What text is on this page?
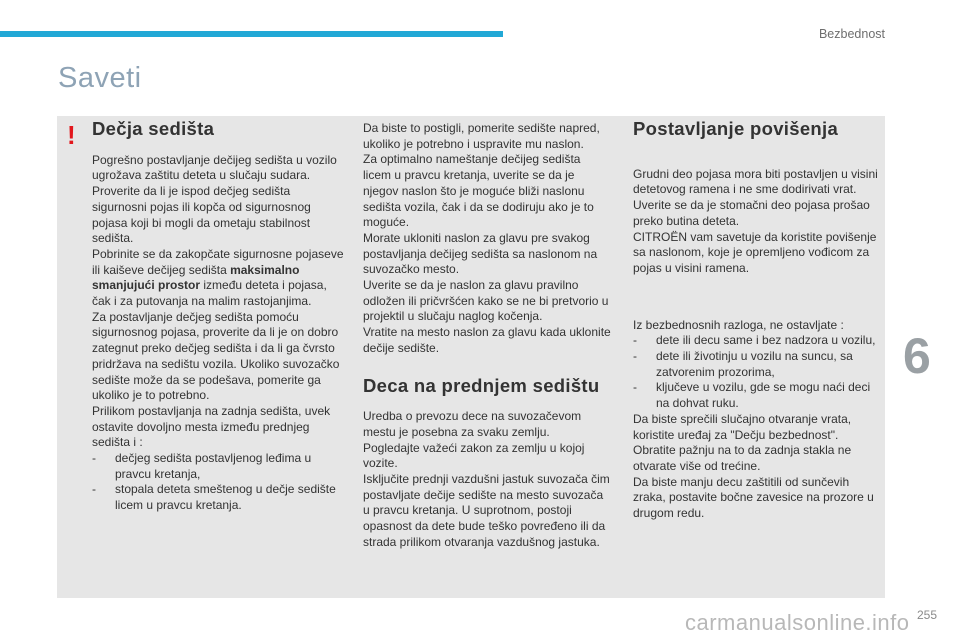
Bezbednost
Saveti
! Dečja sedišta

Pogrešno postavljanje dečijeg sedišta u vozilo ugrožava zaštitu deteta u slučaju sudara.

Proverite da li je ispod dečjeg sedišta sigurnosni pojas ili kopča od sigurnosnog pojasa koji bi mogli da ometaju stabilnost sedišta.

Pobrinite se da zakopčate sigurnosne pojaseve ili kaiševe dečijeg sedišta maksimalno smanjujući prostor između deteta i pojasa, čak i za putovanja na malim rastojanjima.

Za postavljanje dečjeg sedišta pomoću sigurnosnog pojasa, proverite da li je on dobro zategnut preko dečjeg sedišta i da li ga čvrsto pridržava na sedištu vozila. Ukoliko suvozačko sedište može da se podešava, pomerite ga ukoliko je to potrebno.

Prilikom postavljanja na zadnja sedišta, uvek ostavite dovoljno mesta između prednjeg sedišta i :

- dečjeg sedišta postavljenog leđima u pravcu kretanja,
- stopala deteta smeštenog u dečje sedište licem u pravcu kretanja.

Da biste to postigli, pomerite sedište napred, ukoliko je potrebno i uspravite mu naslon.

Za optimalno nameštanje dečijeg sedišta licem u pravcu kretanja, uverite se da je njegov naslon što je moguće bliži naslonu sedišta vozila, čak i da se dodiruju ako je to moguće.

Morate ukloniti naslon za glavu pre svakog postavljanja dečijeg sedišta sa naslonom na suvozačko mesto.

Uverite se da je naslon za glavu pravilno odložen ili pričvršćen kako se ne bi pretvorio u projektil u slučaju naglog kočenja.

Vratite na mesto naslon za glavu kada uklonite dečije sedište.

Deca na prednjem sedištu

Uredba o prevozu dece na suvozačevom mestu je posebna za svaku zemlju.

Pogledajte važeći zakon za zemlju u kojoj vozite.

Isključite prednji vazdušni jastuk suvozača čim postavljate dečije sedište na mesto suvozača u pravcu kretanja. U suprotnom, postoji opasnost da dete bude teško povređeno ili da strada prilikom otvaranja vazdušnog jastuka.

Postavljanje povišenja

Grudni deo pojasa mora biti postavljen u visini detetovog ramena i ne sme dodirivati vrat.

Uverite se da je stomačni deo pojasa prošao preko butina deteta.

CITROËN vam savetuje da koristite povišenje sa naslonom, koje je opremljeno vođicom za pojas u visini ramena.

Iz bezbednosnih razloga, ne ostavljate :

- dete ili decu same i bez nadzora u vozilu,
- dete ili životinju u vozilu na suncu, sa zatvorenim prozorima,
- ključeve u vozilu, gde se mogu naći deci na dohvat ruku.

Da biste sprečili slučajno otvaranje vrata, koristite uređaj za "Dečju bezbednost".

Obratite pažnju na to da zadnja stakla ne otvarate više od trećine.

Da biste manju decu zaštitili od sunčevih zraka, postavite bočne zavesice na prozore u drugom redu.

6
255
carmanualsonline.info
